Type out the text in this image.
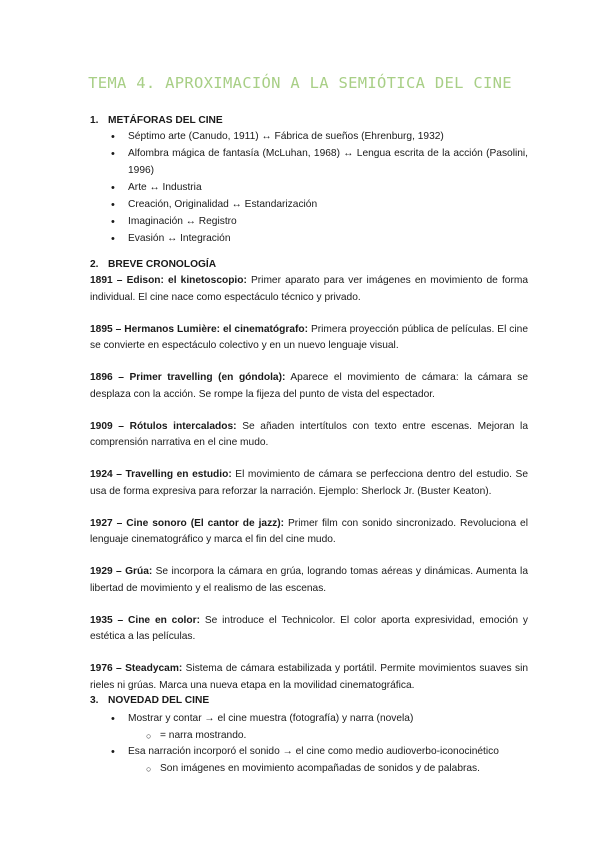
TEMA 4. APROXIMACIÓN A LA SEMIÓTICA DEL CINE
1. METÁFORAS DEL CINE
• Séptimo arte (Canudo, 1911) ↔ Fábrica de sueños (Ehrenburg, 1932)
• Alfombra mágica de fantasía (McLuhan, 1968) ↔ Lengua escrita de la acción (Pasolini, 1996)
• Arte ↔ Industria
• Creación, Originalidad ↔ Estandarización
• Imaginación ↔ Registro
• Evasión ↔ Integración
2. BREVE CRONOLOGÍA

1891 – Edison: el kinetoscopio: Primer aparato para ver imágenes en movimiento de forma individual. El cine nace como espectáculo técnico y privado.

1895 – Hermanos Lumière: el cinematógrafo: Primera proyección pública de películas. El cine se convierte en espectáculo colectivo y en un nuevo lenguaje visual.

1896 – Primer travelling (en góndola): Aparece el movimiento de cámara: la cámara se desplaza con la acción. Se rompe la fijeza del punto de vista del espectador.

1909 – Rótulos intercalados: Se añaden intertítulos con texto entre escenas. Mejoran la comprensión narrativa en el cine mudo.

1924 – Travelling en estudio: El movimiento de cámara se perfecciona dentro del estudio. Se usa de forma expresiva para reforzar la narración. Ejemplo: Sherlock Jr. (Buster Keaton).

1927 – Cine sonoro (El cantor de jazz): Primer film con sonido sincronizado. Revoluciona el lenguaje cinematográfico y marca el fin del cine mudo.

1929 – Grúa: Se incorpora la cámara en grúa, logrando tomas aéreas y dinámicas. Aumenta la libertad de movimiento y el realismo de las escenas.

1935 – Cine en color: Se introduce el Technicolor. El color aporta expresividad, emoción y estética a las películas.

1976 – Steadycam: Sistema de cámara estabilizada y portátil. Permite movimientos suaves sin rieles ni grúas. Marca una nueva etapa en la movilidad cinematográfica.

3. NOVEDAD DEL CINE
• Mostrar y contar → el cine muestra (fotografía) y narra (novela)
○ = narra mostrando.
• Esa narración incorporó el sonido → el cine como medio audioverbo-iconocinético
○ Son imágenes en movimiento acompañadas de sonidos y de palabras.
